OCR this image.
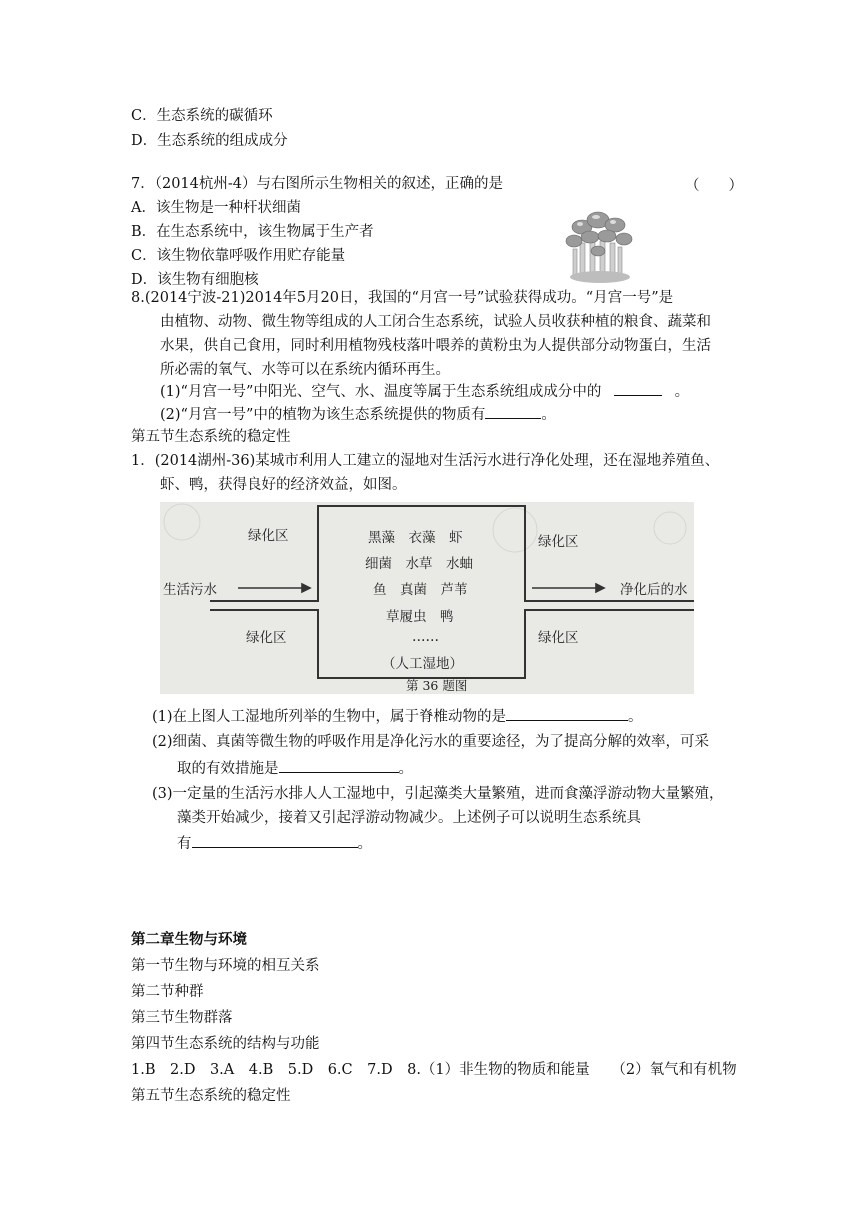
C．生态系统的碳循环
D．生态系统的组成成分
7．（2014杭州-4）与右图所示生物相关的叙述，正确的是	（　　）
A．该生物是一种杆状细菌
B．在生态系统中，该生物属于生产者
C．该生物依靠呼吸作用贮存能量
D．该生物有细胞核
8.(2014宁波-21)2014年5月20日，我国的“月宫一号”试验获得成功。“月宫一号”是
由植物、动物、微生物等组成的人工闭合生态系统，试验人员收获种植的粮食、蔬菜和
水果，供自己食用，同时利用植物残枝落叶喂养的黄粉虫为人提供部分动物蛋白，生活
所必需的氧气、水等可以在系统内循环再生。
(1)“月宫一号”中阳光、空气、水、温度等属于生态系统组成成分中的	。
(2)“月宫一号”中的植物为该生态系统提供的物质有	。
第五节生态系统的稳定性
1．(2014湖州-36)某城市利用人工建立的湿地对生活污水进行净化处理，还在湿地养殖鱼、
虾、鸭，获得良好的经济效益，如图。
绿化区	绿化区
绿化区	绿化区
生活污水	净化后的水
黑藻　衣藻　虾
细菌　水草　水蚰
鱼　真菌　芦苇
草履虫　鸭
……
（人工湿地）
第 36 题图
(1)在上图人工湿地所列举的生物中，属于脊椎动物的是	。
(2)细菌、真菌等微生物的呼吸作用是净化污水的重要途径，为了提高分解的效率，可采
取的有效措施是	。
(3)一定量的生活污水排人人工湿地中，引起藻类大量繁殖，进而食藻浮游动物大量繁殖，
藻类开始减少，接着又引起浮游动物减少。上述例子可以说明生态系统具
有	。
第二章生物与环境
第一节生物与环境的相互关系
第二节种群
第三节生物群落
第四节生态系统的结构与功能
1.B　2.D　3.A　4.B　5.D　6.C　7.D　8.（1）非生物的物质和能量　　（2）氧气和有机物
第五节生态系统的稳定性
